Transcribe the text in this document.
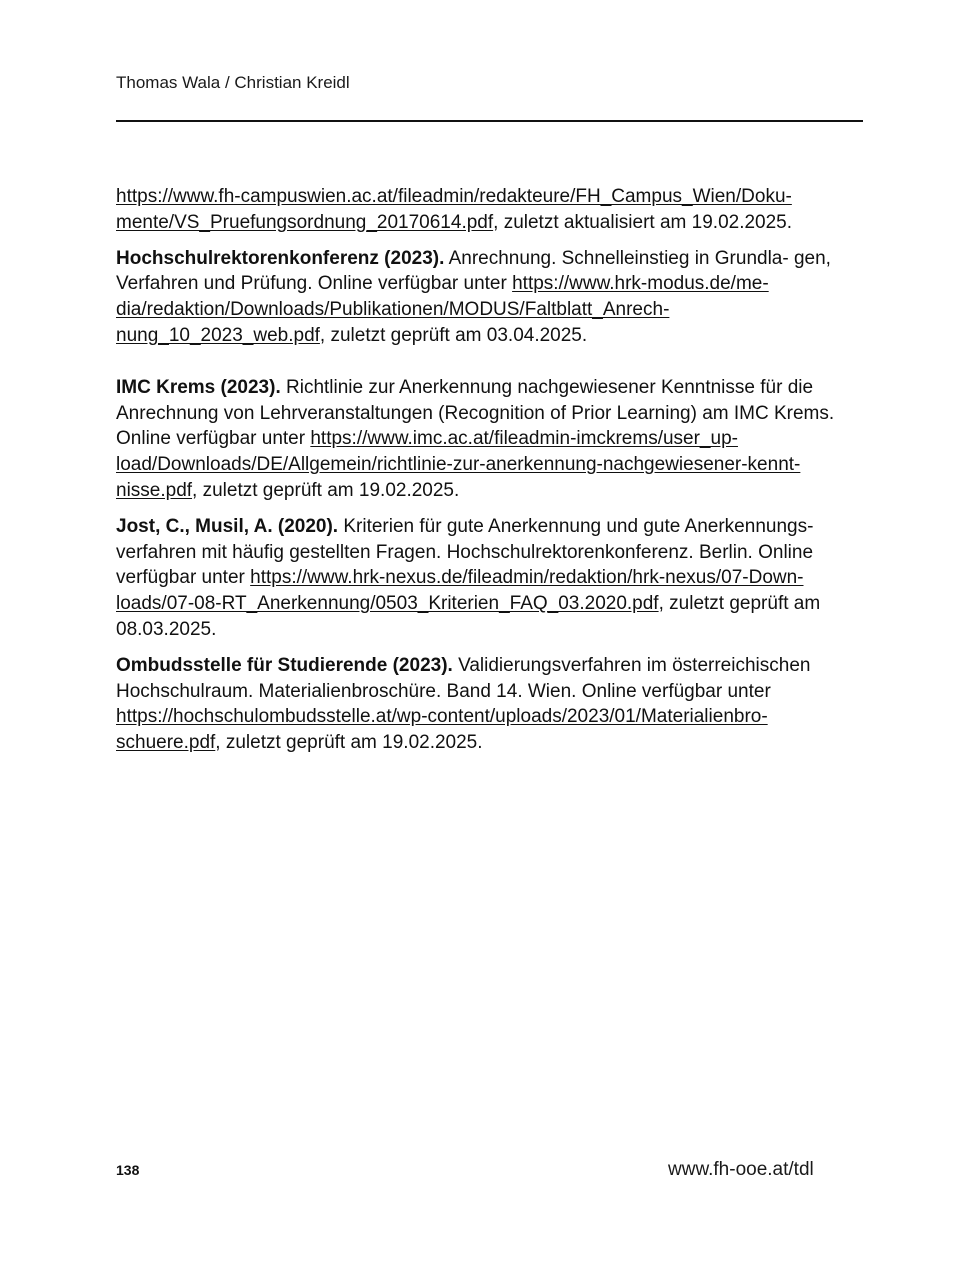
Thomas Wala / Christian Kreidl

https://www.fh-campuswien.ac.at/fileadmin/redakteure/FH_Campus_Wien/Doku-
mente/VS_Pruefungsordnung_20170614.pdf, zuletzt aktualisiert am 19.02.2025.

Hochschulrektorenkonferenz (2023). Anrechnung. Schnelleinstieg in Grundla- gen, Verfahren und Prüfung. Online verfügbar unter https://www.hrk-modus.de/me-
dia/redaktion/Downloads/Publikationen/MODUS/Faltblatt_Anrech-
nung_10_2023_web.pdf, zuletzt geprüft am 03.04.2025.

IMC Krems (2023). Richtlinie zur Anerkennung nachgewiesener Kenntnisse für die Anrechnung von Lehrveranstaltungen (Recognition of Prior Learning) am IMC Krems. Online verfügbar unter https://www.imc.ac.at/fileadmin-imckrems/user_up-
load/Downloads/DE/Allgemein/richtlinie-zur-anerkennung-nachgewiesener-kennt-
nisse.pdf, zuletzt geprüft am 19.02.2025.

Jost, C., Musil, A. (2020). Kriterien für gute Anerkennung und gute Anerkennungs- verfahren mit häufig gestellten Fragen. Hochschulrektorenkonferenz. Berlin. Online verfügbar unter https://www.hrk-nexus.de/fileadmin/redaktion/hrk-nexus/07-Down-
loads/07-08-RT_Anerkennung/0503_Kriterien_FAQ_03.2020.pdf, zuletzt geprüft am 08.03.2025.

Ombudsstelle für Studierende (2023). Validierungsverfahren im österreichischen Hochschulraum. Materialienbroschüre. Band 14. Wien. Online verfügbar unter https://hochschulombudsstelle.at/wp-content/uploads/2023/01/Materialienbro-
schuere.pdf, zuletzt geprüft am 19.02.2025.

138	www.fh-ooe.at/tdl
